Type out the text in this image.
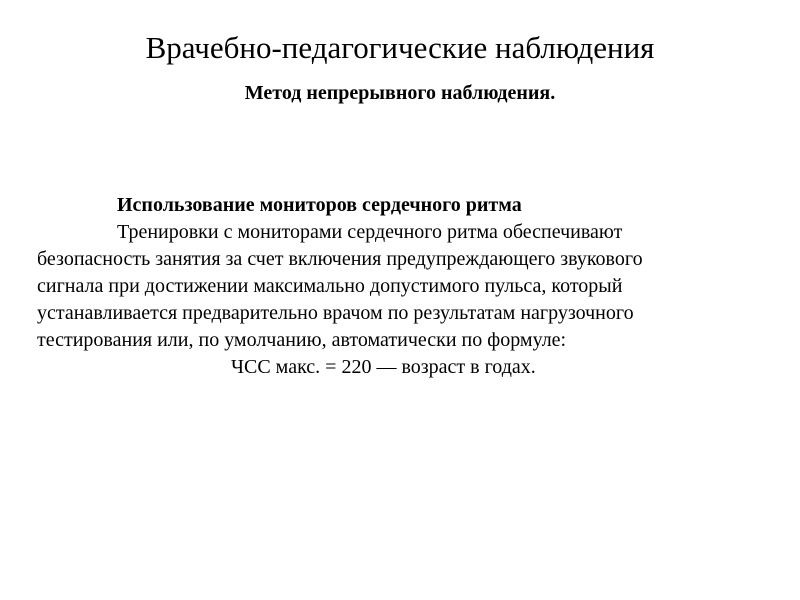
Врачебно-педагогические наблюдения
Метод непрерывного наблюдения.
Использование мониторов сердечного ритма
Тренировки с мониторами сердечного ритма обеспечивают
безопасность занятия за счет включения предупреждающего звукового
сигнала при достижении максимально допустимого пульса, который
устанавливается предварительно врачом по результатам нагрузочного
тестирования или, по умолчанию, автоматически по формуле:
ЧСС макс. = 220 — возраст в годах.
